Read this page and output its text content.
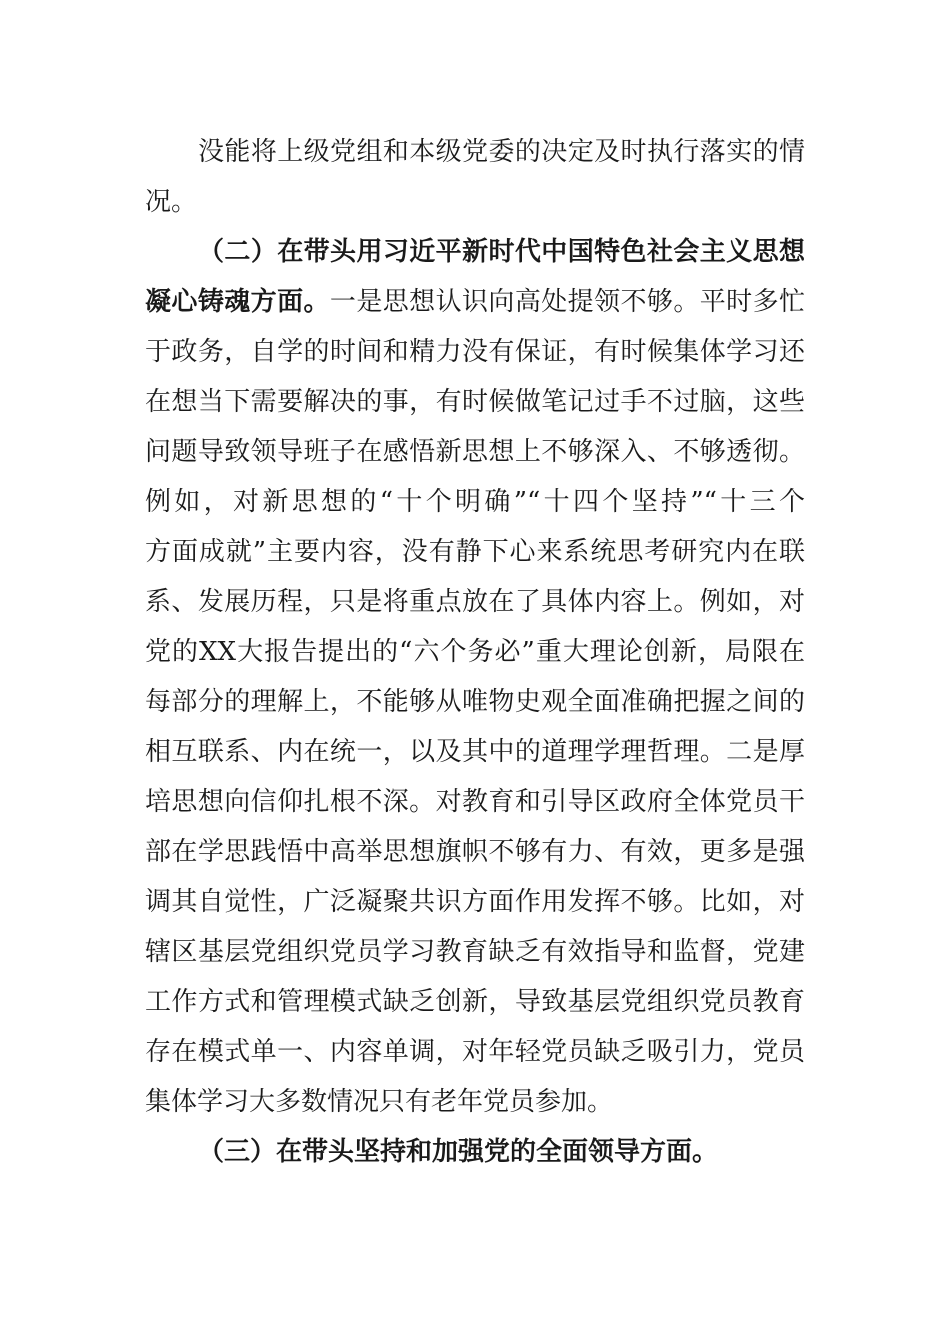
没能将上级党组和本级党委的决定及时执行落实的情
况。
（二）在带头用习近平新时代中国特色社会主义思想
凝心铸魂方面。一是思想认识向高处提领不够。平时多忙
于政务，自学的时间和精力没有保证，有时候集体学习还
在想当下需要解决的事，有时候做笔记过手不过脑，这些
问题导致领导班子在感悟新思想上不够深入、不够透彻。
例如，对新思想的“十个明确”“十四个坚持”“十三个
方面成就”主要内容，没有静下心来系统思考研究内在联
系、发展历程，只是将重点放在了具体内容上。例如，对
党的XX大报告提出的“六个务必”重大理论创新，局限在
每部分的理解上，不能够从唯物史观全面准确把握之间的
相互联系、内在统一，以及其中的道理学理哲理。二是厚
培思想向信仰扎根不深。对教育和引导区政府全体党员干
部在学思践悟中高举思想旗帜不够有力、有效，更多是强
调其自觉性，广泛凝聚共识方面作用发挥不够。比如，对
辖区基层党组织党员学习教育缺乏有效指导和监督，党建
工作方式和管理模式缺乏创新，导致基层党组织党员教育
存在模式单一、内容单调，对年轻党员缺乏吸引力，党员
集体学习大多数情况只有老年党员参加。
（三）在带头坚持和加强党的全面领导方面。
